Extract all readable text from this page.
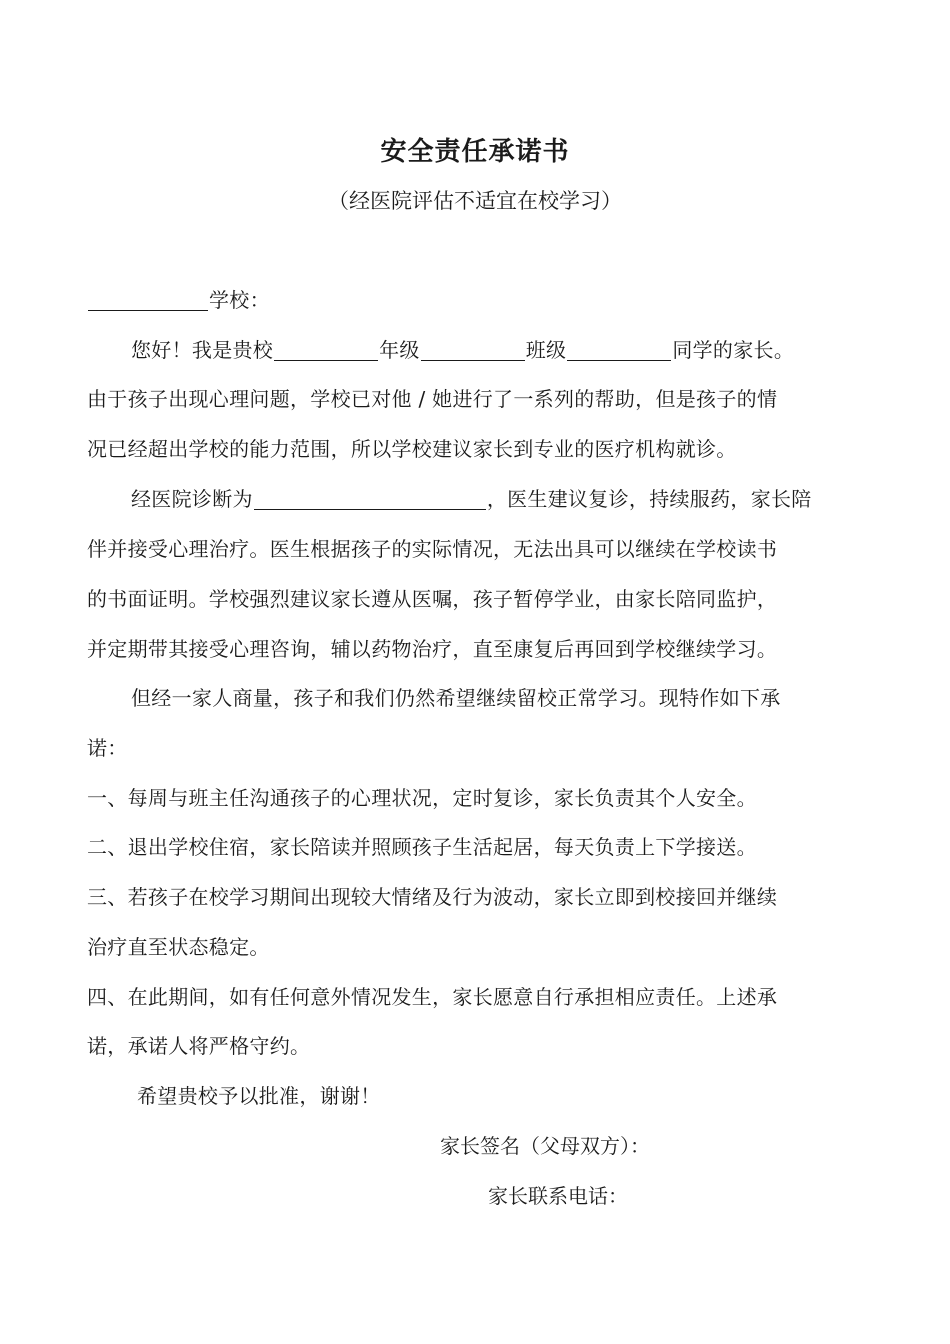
安全责任承诺书
（经医院评估不适宜在校学习）
学校：
您好！我是贵校	年级	班级	同学的家长。
由于孩子出现心理问题，学校已对他 / 她进行了一系列的帮助，但是孩子的情
况已经超出学校的能力范围，所以学校建议家长到专业的医疗机构就诊。
经医院诊断为	，医生建议复诊，持续服药，家长陪
伴并接受心理治疗。医生根据孩子的实际情况，无法出具可以继续在学校读书
的书面证明。学校强烈建议家长遵从医嘱，孩子暂停学业，由家长陪同监护，
并定期带其接受心理咨询，辅以药物治疗，直至康复后再回到学校继续学习。
但经一家人商量，孩子和我们仍然希望继续留校正常学习。现特作如下承
诺：
一、每周与班主任沟通孩子的心理状况，定时复诊，家长负责其个人安全。
二、退出学校住宿，家长陪读并照顾孩子生活起居，每天负责上下学接送。
三、若孩子在校学习期间出现较大情绪及行为波动，家长立即到校接回并继续
治疗直至状态稳定。
四、在此期间，如有任何意外情况发生，家长愿意自行承担相应责任。上述承
诺，承诺人将严格守约。
希望贵校予以批准，谢谢！
家长签名（父母双方）：
家长联系电话：
